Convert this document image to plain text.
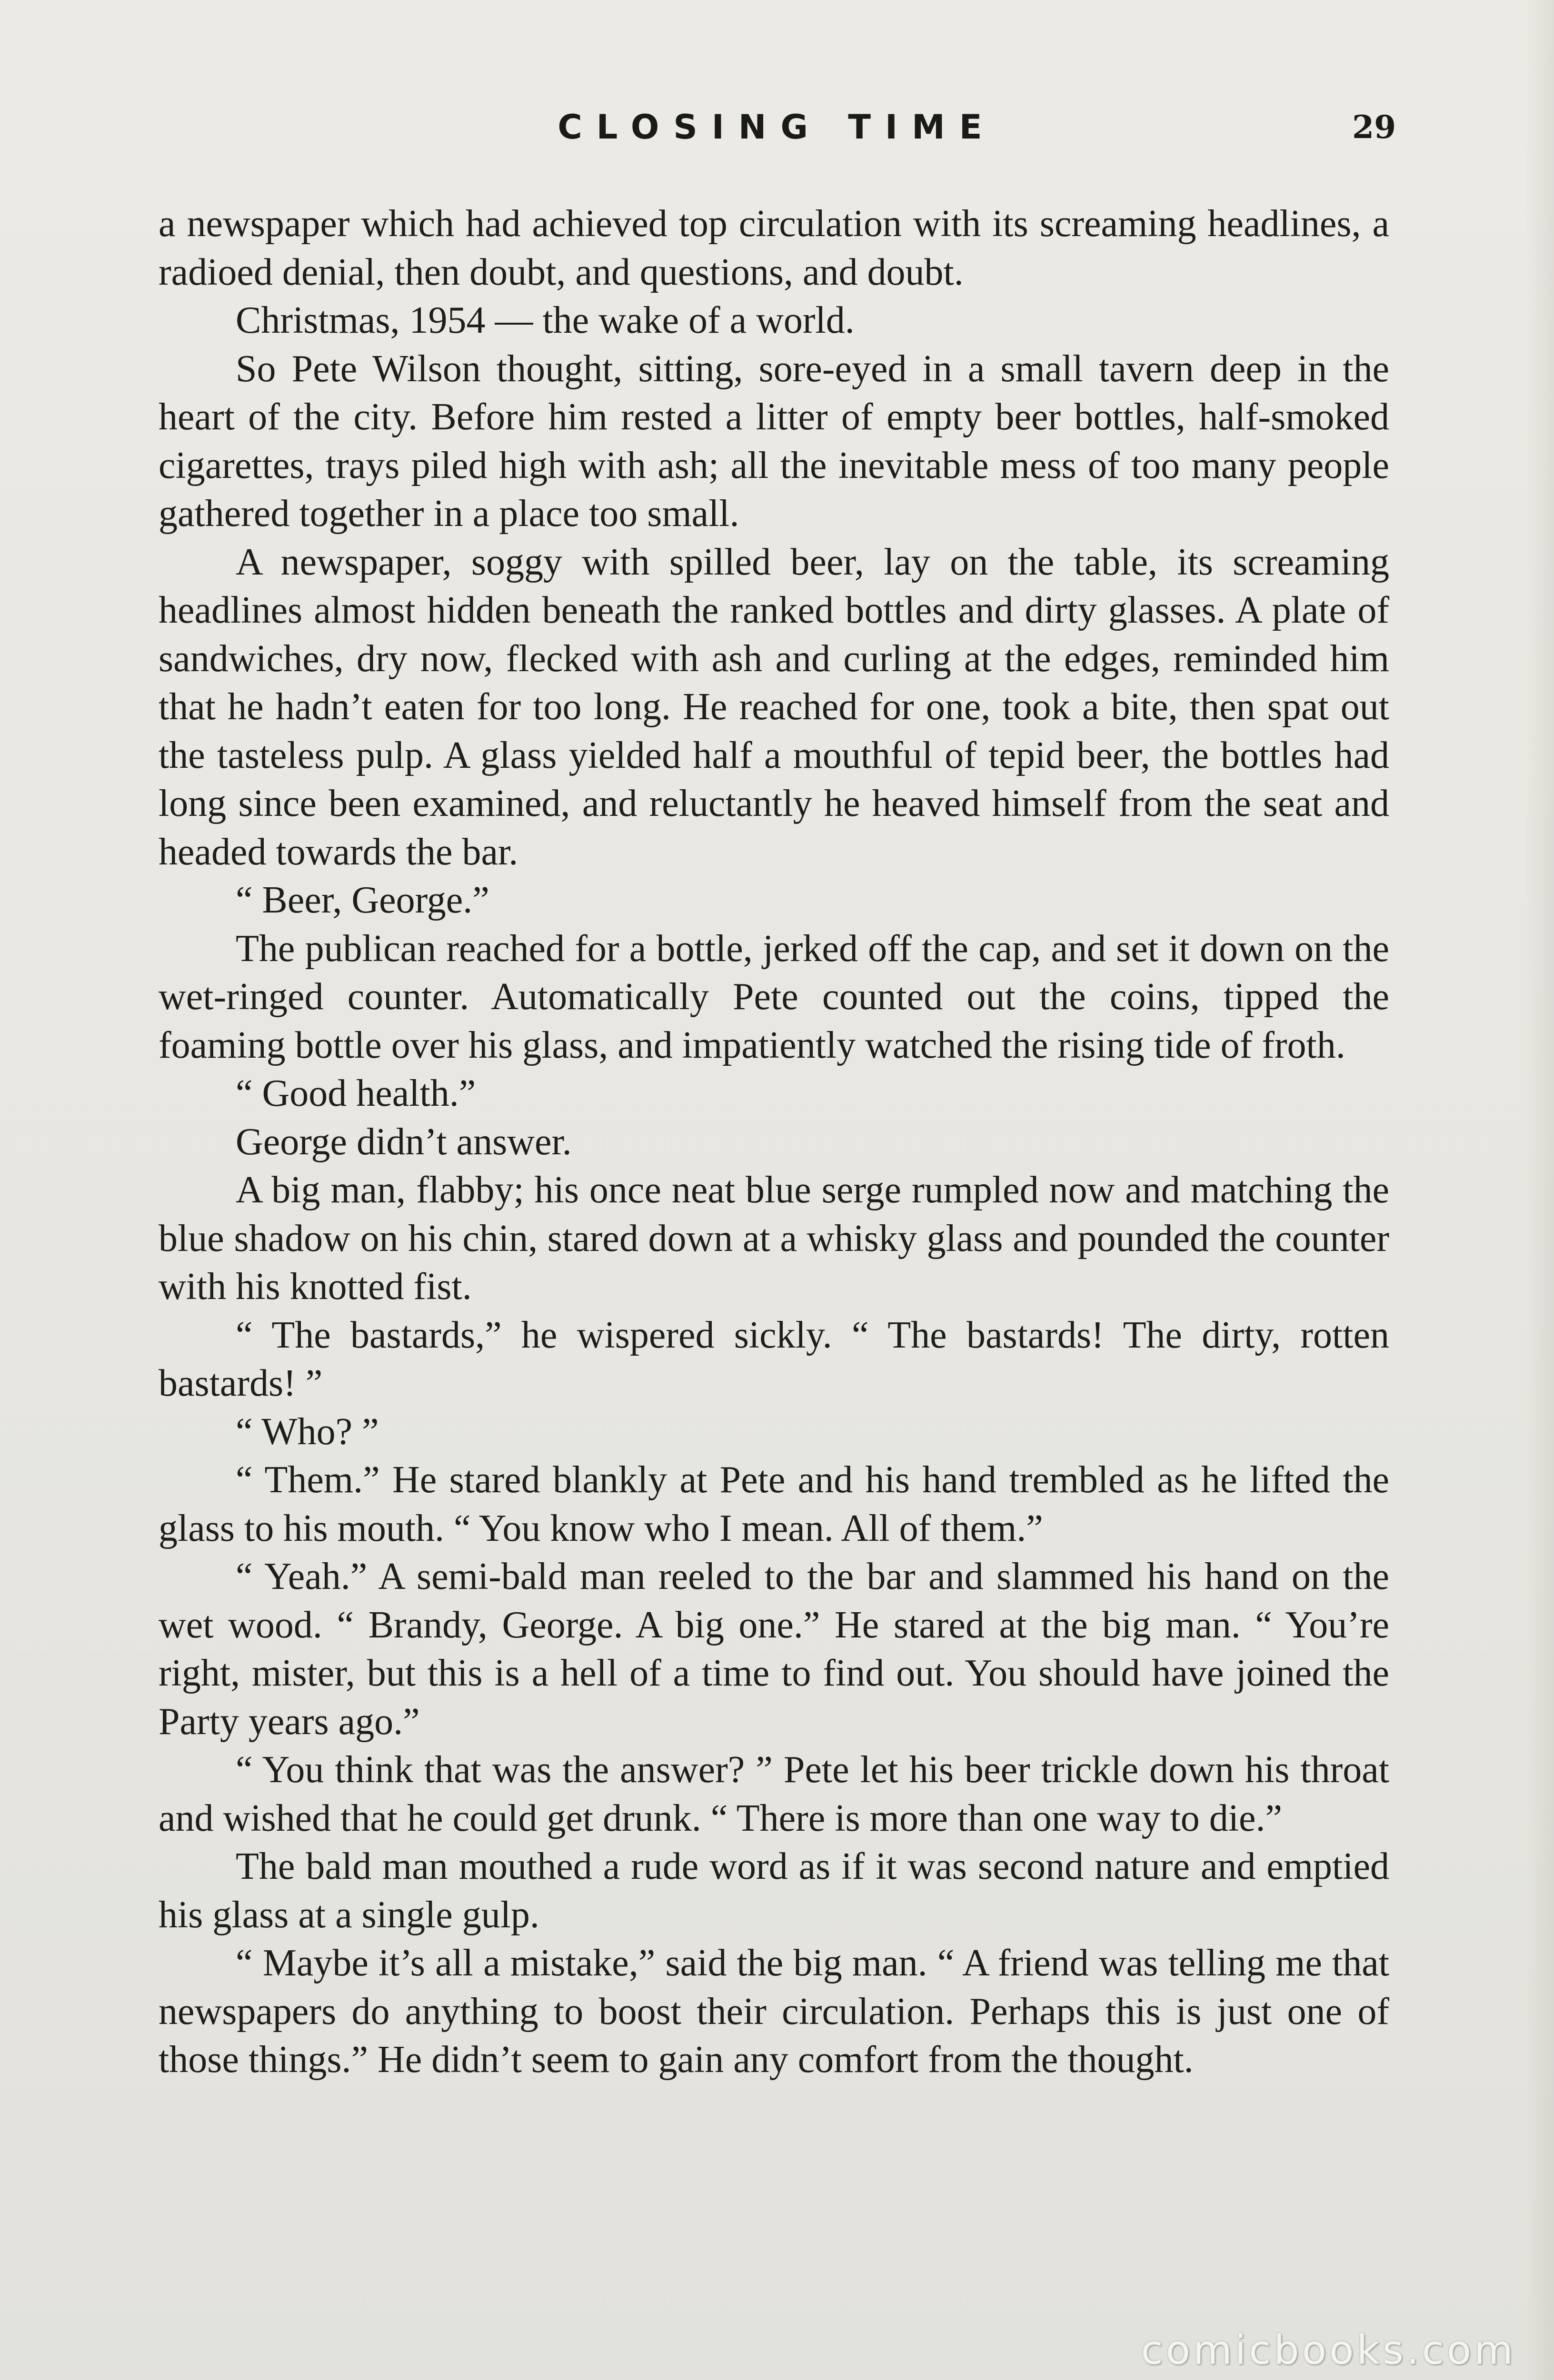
CLOSING TIME	29

a newspaper which had achieved top circulation with its screaming headlines, a radioed denial, then doubt, and questions, and doubt.

Christmas, 1954 — the wake of a world.

So Pete Wilson thought, sitting, sore-eyed in a small tavern deep in the heart of the city. Before him rested a litter of empty beer bottles, half-smoked cigarettes, trays piled high with ash; all the inevitable mess of too many people gathered together in a place too small.

A newspaper, soggy with spilled beer, lay on the table, its screaming headlines almost hidden beneath the ranked bottles and dirty glasses. A plate of sandwiches, dry now, flecked with ash and curling at the edges, reminded him that he hadn’t eaten for too long. He reached for one, took a bite, then spat out the tasteless pulp. A glass yielded half a mouthful of tepid beer, the bottles had long since been examined, and reluctantly he heaved himself from the seat and headed towards the bar.

“ Beer, George.”

The publican reached for a bottle, jerked off the cap, and set it down on the wet-ringed counter. Automatically Pete counted out the coins, tipped the foaming bottle over his glass, and impatiently watched the rising tide of froth.

“ Good health.”

George didn’t answer.

A big man, flabby; his once neat blue serge rumpled now and matching the blue shadow on his chin, stared down at a whisky glass and pounded the counter with his knotted fist.

“ The bastards,” he wispered sickly. “ The bastards! The dirty, rotten bastards! ”

“ Who? ”

“ Them.” He stared blankly at Pete and his hand trembled as he lifted the glass to his mouth. “ You know who I mean. All of them.”

“ Yeah.” A semi-bald man reeled to the bar and slammed his hand on the wet wood. “ Brandy, George. A big one.” He stared at the big man. “ You’re right, mister, but this is a hell of a time to find out. You should have joined the Party years ago.”

“ You think that was the answer? ” Pete let his beer trickle down his throat and wished that he could get drunk. “ There is more than one way to die.”

The bald man mouthed a rude word as if it was second nature and emptied his glass at a single gulp.

“ Maybe it’s all a mistake,” said the big man. “ A friend was telling me that newspapers do anything to boost their circulation. Perhaps this is just one of those things.” He didn’t seem to gain any comfort from the thought.

comicbooks.com
